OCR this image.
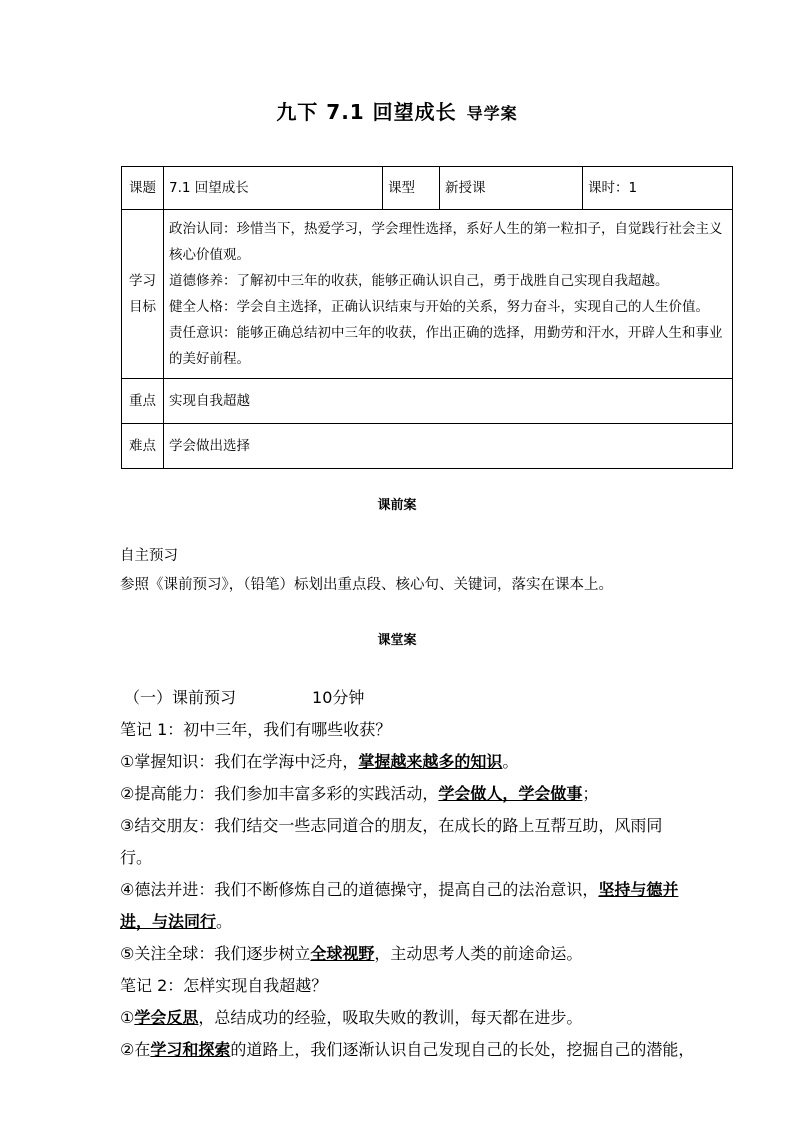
九下 7.1 回望成长 导学案
课题	7.1 回望成长	课型	新授课	课时：1
学习目标	政治认同：珍惜当下，热爱学习，学会理性选择，系好人生的第一粒扣子，自觉践行社会主义核心价值观。

道德修养：了解初中三年的收获，能够正确认识自己，勇于战胜自己实现自我超越。

健全人格：学会自主选择，正确认识结束与开始的关系，努力奋斗，实现自己的人生价值。

责任意识：能够正确总结初中三年的收获，作出正确的选择，用勤劳和汗水，开辟人生和事业的美好前程。			

重点	实现自我超越			
难点	学会做出选择			
课前案
自主预习
参照《课前预习》，（铅笔）标划出重点段、核心句、关键词，落实在课本上。
课堂案

（一）课前预习	10分钟

笔记 1：初中三年，我们有哪些收获？

①掌握知识：我们在学海中泛舟，掌握越来越多的知识。

②提高能力：我们参加丰富多彩的实践活动，学会做人，学会做事；

③结交朋友：我们结交一些志同道合的朋友，在成长的路上互帮互助，风雨同行。

④德法并进：我们不断修炼自己的道德操守，提高自己的法治意识，坚持与德并
进，与法同行。

⑤关注全球：我们逐步树立全球视野，主动思考人类的前途命运。

笔记 2：怎样实现自我超越？

①学会反思，总结成功的经验，吸取失败的教训，每天都在进步。

②在学习和探索的道路上，我们逐渐认识自己发现自己的长处，挖掘自己的潜能，
